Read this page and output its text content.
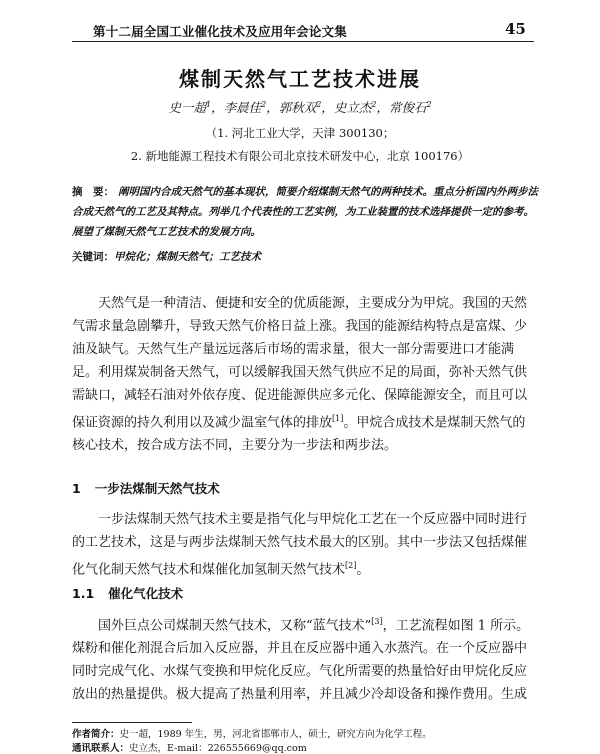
第十二届全国工业催化技术及应用年会论文集	45
煤制天然气工艺技术进展
史一超$^1$，李晨佳$^2$，郭秋双$^2$，史立杰$^2$，常俊石$^2$
（1. 河北工业大学，天津 300130；
2. 新地能源工程技术有限公司北京技术研发中心，北京 100176）
摘　要： 阐明国内合成天然气的基本现状，简要介绍煤制天然气的两种技术。重点分析国内外两步法合成天然气的工艺及其特点。列举几个代表性的工艺实例，为工业装置的技术选择提供一定的参考。展望了煤制天然气工艺技术的发展方向。
关键词：甲烷化；煤制天然气；工艺技术
天然气是一种清洁、便捷和安全的优质能源，主要成分为甲烷。我国的天然气需求量急剧攀升，导致天然气价格日益上涨。我国的能源结构特点是富煤、少油及缺气。天然气生产量远远落后市场的需求量，很大一部分需要进口才能满足。利用煤炭制备天然气，可以缓解我国天然气供应不足的局面，弥补天然气供需缺口，减轻石油对外依存度、促进能源供应多元化、保障能源安全，而且可以保证资源的持久利用以及减少温室气体的排放[1]。甲烷合成技术是煤制天然气的核心技术，按合成方法不同，主要分为一步法和两步法。
1 一步法煤制天然气技术
一步法煤制天然气技术主要是指气化与甲烷化工艺在一个反应器中同时进行的工艺技术，这是与两步法煤制天然气技术最大的区别。其中一步法又包括煤催化气化制天然气技术和煤催化加氢制天然气技术[2]。
1.1 催化气化技术
国外巨点公司煤制天然气技术，又称“蓝气技术”[3]，工艺流程如图 1 所示。煤粉和催化剂混合后加入反应器，并且在反应器中通入水蒸汽。在一个反应器中同时完成气化、水煤气变换和甲烷化反应。气化所需要的热量恰好由甲烷化反应放出的热量提供。极大提高了热量利用率，并且减少冷却设备和操作费用。生成
作者简介：史一超，1989 年生，男，河北省邯郸市人，硕士，研究方向为化学工程。
通讯联系人：史立杰，E-mail：226555669@qq.com
